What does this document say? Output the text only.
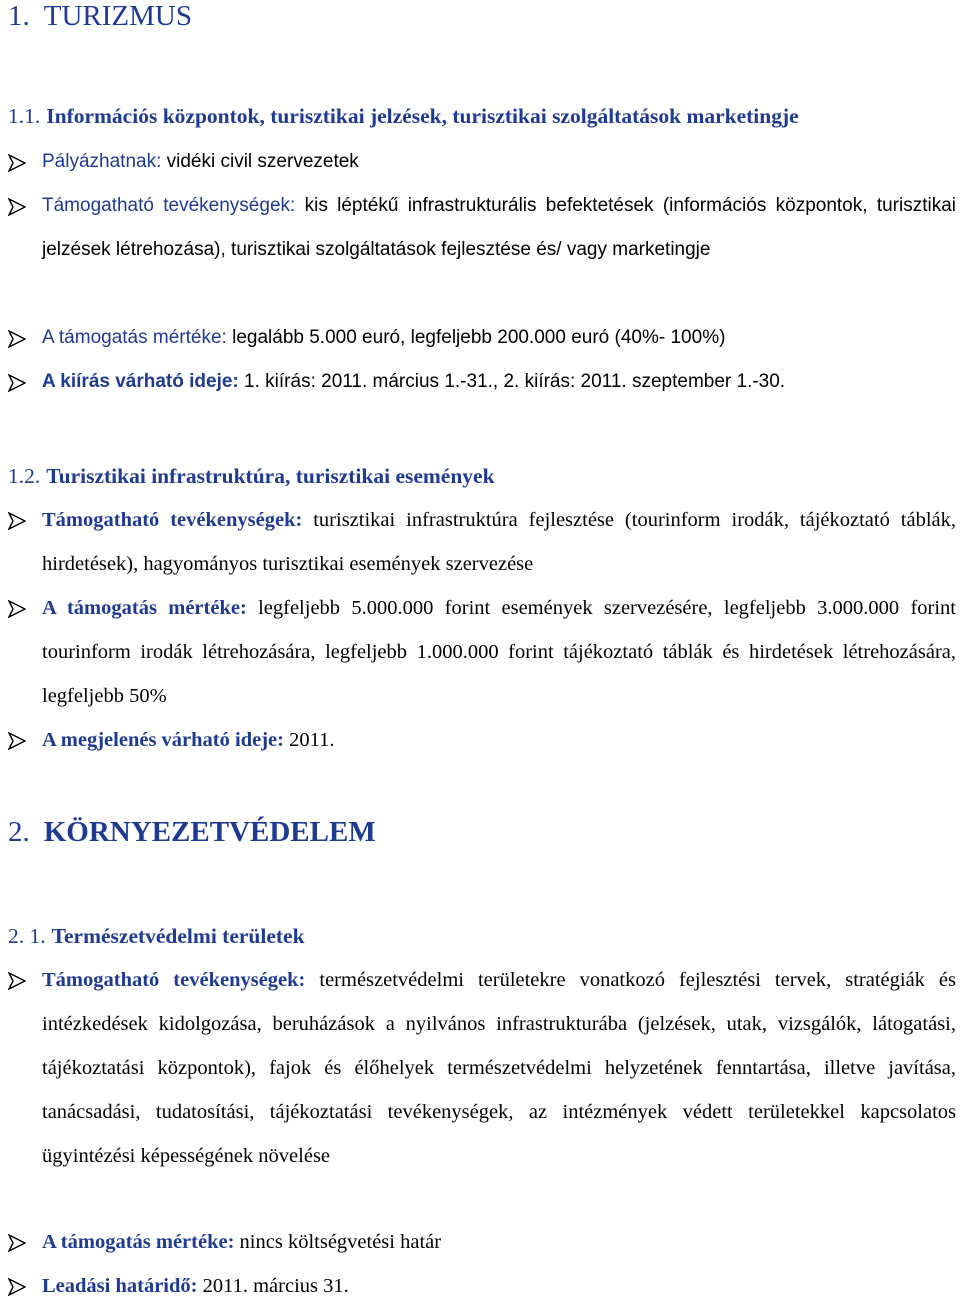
1. TURIZMUS
1.1. Információs központok, turisztikai jelzések, turisztikai szolgáltatások marketingje
Pályázhatnak: vidéki civil szervezetek
Támogatható tevékenységek: kis léptékű infrastrukturális befektetések (információs központok, turisztikai jelzések létrehozása), turisztikai szolgáltatások fejlesztése és/ vagy marketingje
A támogatás mértéke: legalább 5.000 euró, legfeljebb 200.000 euró (40%- 100%)
A kiírás várható ideje: 1. kiírás: 2011. március 1.-31., 2. kiírás: 2011. szeptember 1.-30.
1.2. Turisztikai infrastruktúra, turisztikai események
Támogatható tevékenységek: turisztikai infrastruktúra fejlesztése (tourinform irodák, tájékoztató táblák, hirdetések), hagyományos turisztikai események szervezése
A támogatás mértéke: legfeljebb 5.000.000 forint események szervezésére, legfeljebb 3.000.000 forint tourinform irodák létrehozására, legfeljebb 1.000.000 forint tájékoztató táblák és hirdetések létrehozására, legfeljebb 50%
A megjelenés várható ideje: 2011.
2. KÖRNYEZETVÉDELEM
2. 1. Természetvédelmi területek
Támogatható tevékenységek: természetvédelmi területekre vonatkozó fejlesztési tervek, stratégiák és intézkedések kidolgozása, beruházások a nyilvános infrastrukturába (jelzések, utak, vizsgálók, látogatási, tájékoztatási központok), fajok és élőhelyek természetvédelmi helyzetének fenntartása, illetve javítása, tanácsadási, tudatosítási, tájékoztatási tevékenységek, az intézmények védett területekkel kapcsolatos ügyintézési képességének növelése
A támogatás mértéke: nincs költségvetési határ
Leadási határidő: 2011. március 31.
